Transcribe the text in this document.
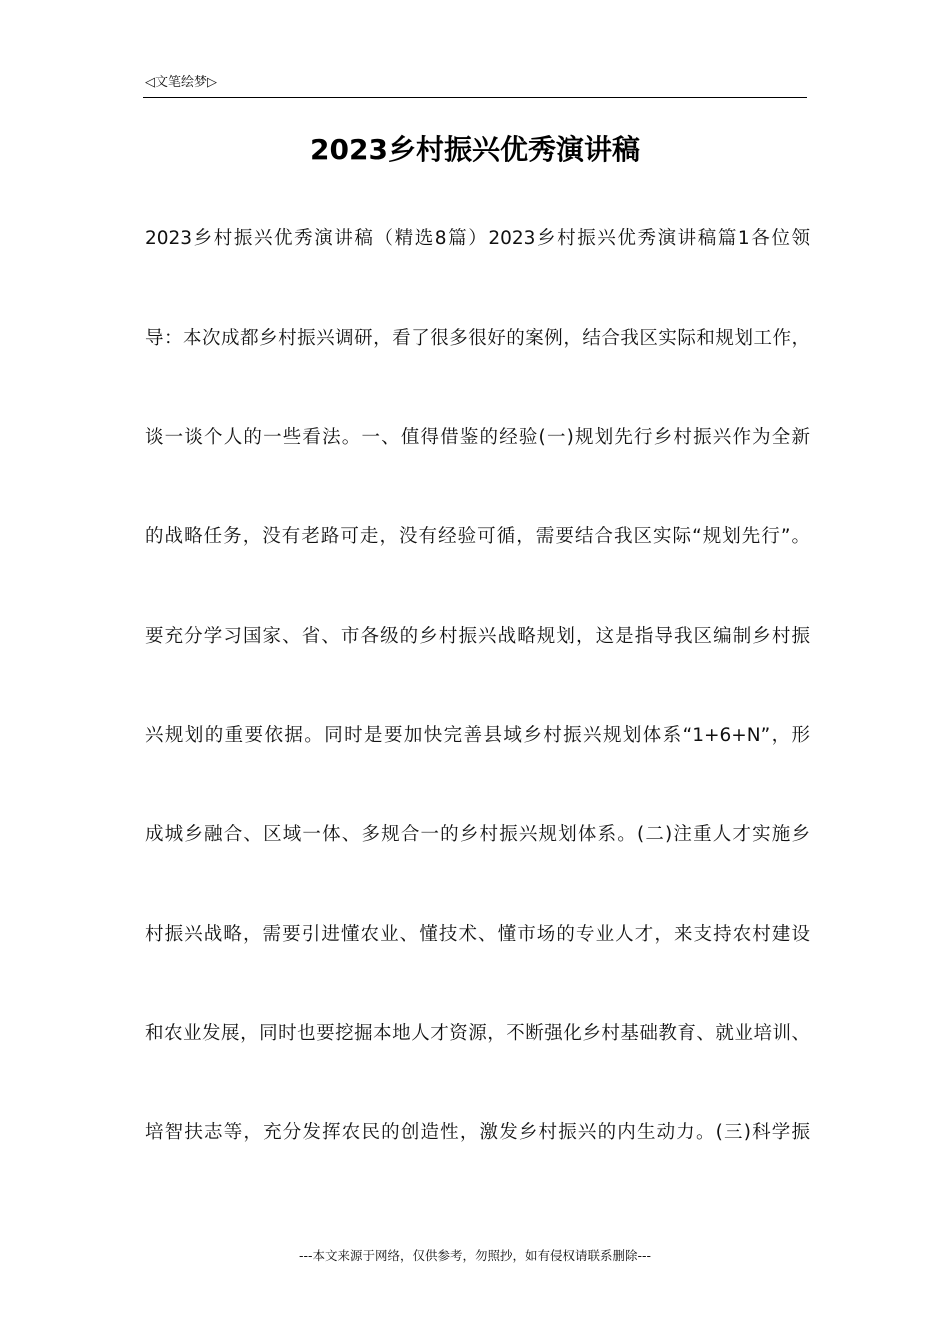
◁文笔绘梦▷
2023乡村振兴优秀演讲稿
2023乡村振兴优秀演讲稿（精选8篇）2023乡村振兴优秀演讲稿篇1各位领
导：本次成都乡村振兴调研，看了很多很好的案例，结合我区实际和规划工作，
谈一谈个人的一些看法。一、值得借鉴的经验(一)规划先行乡村振兴作为全新
的战略任务，没有老路可走，没有经验可循，需要结合我区实际“规划先行”。
要充分学习国家、省、市各级的乡村振兴战略规划，这是指导我区编制乡村振
兴规划的重要依据。同时是要加快完善县域乡村振兴规划体系“1+6+N”，形
成城乡融合、区域一体、多规合一的乡村振兴规划体系。(二)注重人才实施乡
村振兴战略，需要引进懂农业、懂技术、懂市场的专业人才，来支持农村建设
和农业发展，同时也要挖掘本地人才资源，不断强化乡村基础教育、就业培训、
培智扶志等，充分发挥农民的创造性，激发乡村振兴的内生动力。(三)科学振
---本文来源于网络，仅供参考，勿照抄，如有侵权请联系删除---
